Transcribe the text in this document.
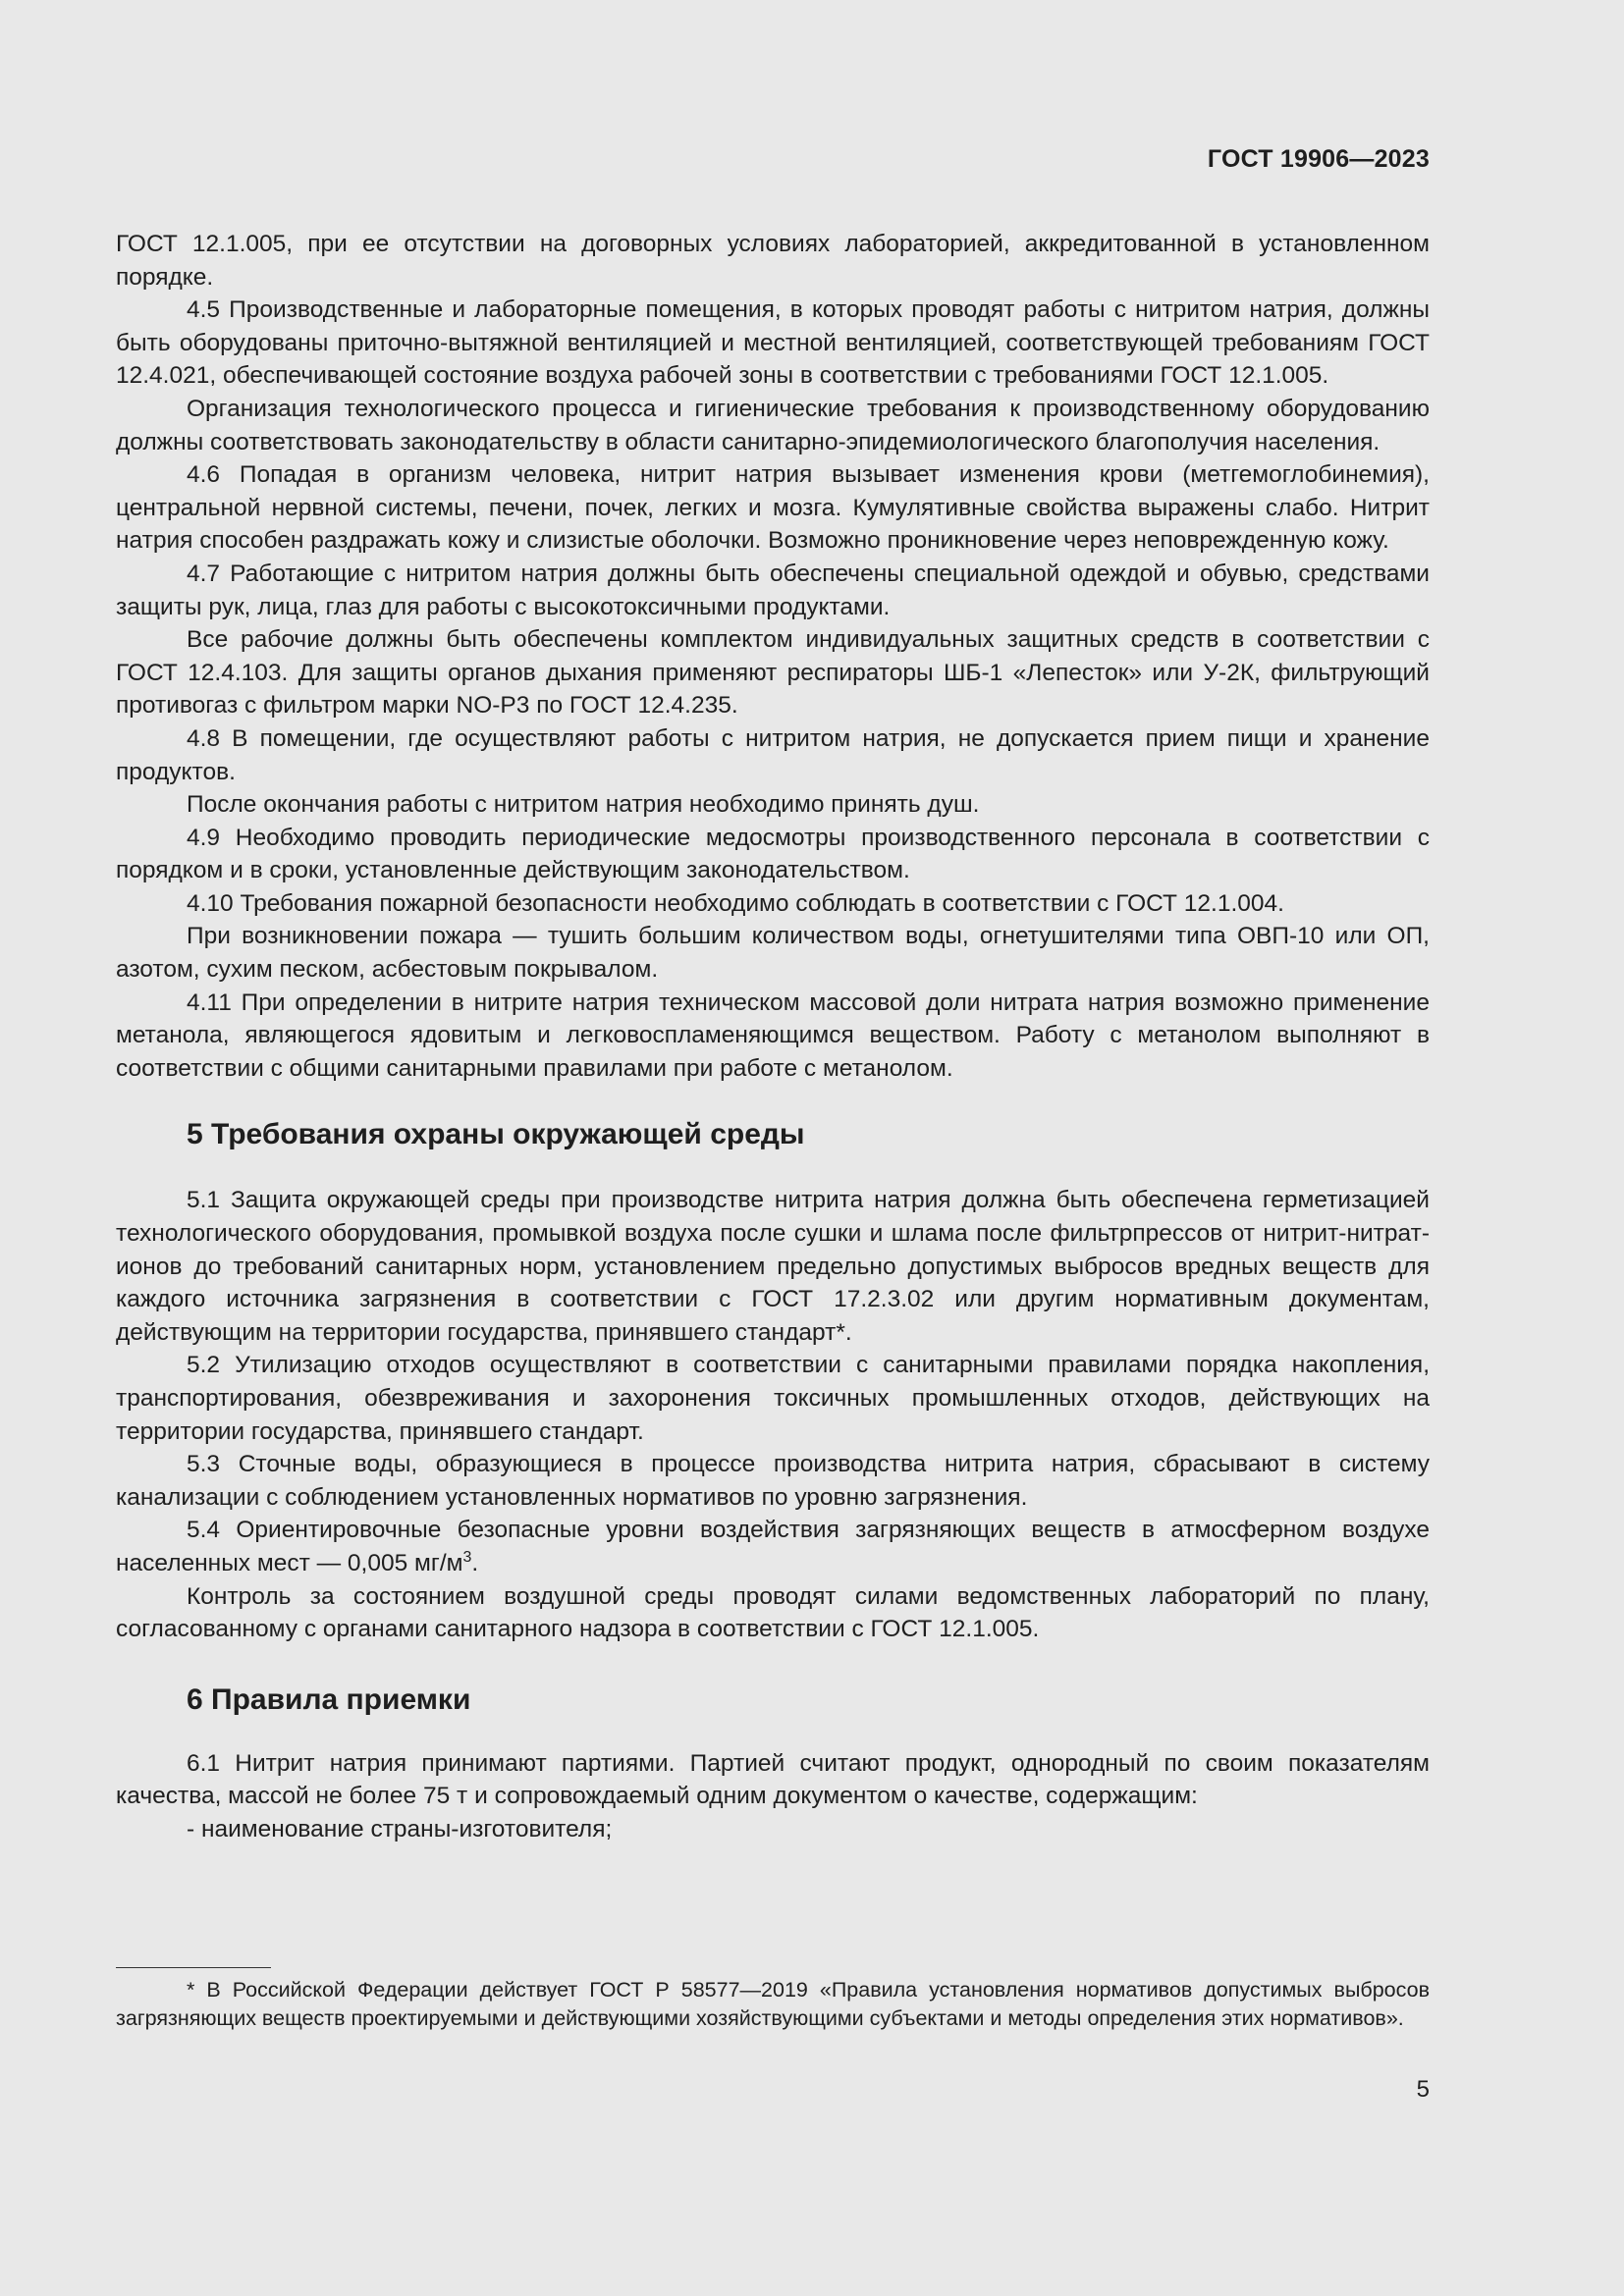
ГОСТ 19906—2023

ГОСТ 12.1.005, при ее отсутствии на договорных условиях лабораторией, аккредитованной в установленном порядке.

4.5 Производственные и лабораторные помещения, в которых проводят работы с нитритом натрия, должны быть оборудованы приточно-вытяжной вентиляцией и местной вентиляцией, соответствующей требованиям ГОСТ 12.4.021, обеспечивающей состояние воздуха рабочей зоны в соответствии с требованиями ГОСТ 12.1.005.

Организация технологического процесса и гигиенические требования к производственному оборудованию должны соответствовать законодательству в области санитарно-эпидемиологического благополучия населения.

4.6 Попадая в организм человека, нитрит натрия вызывает изменения крови (метгемоглобинемия), центральной нервной системы, печени, почек, легких и мозга. Кумулятивные свойства выражены слабо. Нитрит натрия способен раздражать кожу и слизистые оболочки. Возможно проникновение через неповрежденную кожу.

4.7 Работающие с нитритом натрия должны быть обеспечены специальной одеждой и обувью, средствами защиты рук, лица, глаз для работы с высокотоксичными продуктами.

Все рабочие должны быть обеспечены комплектом индивидуальных защитных средств в соответствии с ГОСТ 12.4.103. Для защиты органов дыхания применяют респираторы ШБ-1 «Лепесток» или У-2К, фильтрующий противогаз с фильтром марки NO-P3 по ГОСТ 12.4.235.

4.8 В помещении, где осуществляют работы с нитритом натрия, не допускается прием пищи и хранение продуктов.

После окончания работы с нитритом натрия необходимо принять душ.

4.9 Необходимо проводить периодические медосмотры производственного персонала в соответствии с порядком и в сроки, установленные действующим законодательством.

4.10 Требования пожарной безопасности необходимо соблюдать в соответствии с ГОСТ 12.1.004.

При возникновении пожара — тушить большим количеством воды, огнетушителями типа ОВП-10 или ОП, азотом, сухим песком, асбестовым покрывалом.

4.11 При определении в нитрите натрия техническом массовой доли нитрата натрия возможно применение метанола, являющегося ядовитым и легковоспламеняющимся веществом. Работу с метанолом выполняют в соответствии с общими санитарными правилами при работе с метанолом.

5 Требования охраны окружающей среды

5.1 Защита окружающей среды при производстве нитрита натрия должна быть обеспечена герметизацией технологического оборудования, промывкой воздуха после сушки и шлама после фильтрпрессов от нитрит-нитрат-ионов до требований санитарных норм, установлением предельно допустимых выбросов вредных веществ для каждого источника загрязнения в соответствии с ГОСТ 17.2.3.02 или другим нормативным документам, действующим на территории государства, принявшего стандарт*.

5.2 Утилизацию отходов осуществляют в соответствии с санитарными правилами порядка накопления, транспортирования, обезвреживания и захоронения токсичных промышленных отходов, действующих на территории государства, принявшего стандарт.

5.3 Сточные воды, образующиеся в процессе производства нитрита натрия, сбрасывают в систему канализации с соблюдением установленных нормативов по уровню загрязнения.

5.4 Ориентировочные безопасные уровни воздействия загрязняющих веществ в атмосферном воздухе населенных мест — 0,005 $мг/м^3$.

Контроль за состоянием воздушной среды проводят силами ведомственных лабораторий по плану, согласованному с органами санитарного надзора в соответствии с ГОСТ 12.1.005.

6 Правила приемки

6.1 Нитрит натрия принимают партиями. Партией считают продукт, однородный по своим показателям качества, массой не более 75 т и сопровождаемый одним документом о качестве, содержащим:

- наименование страны-изготовителя;

* В Российской Федерации действует ГОСТ Р 58577—2019 «Правила установления нормативов допустимых выбросов загрязняющих веществ проектируемыми и действующими хозяйствующими субъектами и методы определения этих нормативов».

5
